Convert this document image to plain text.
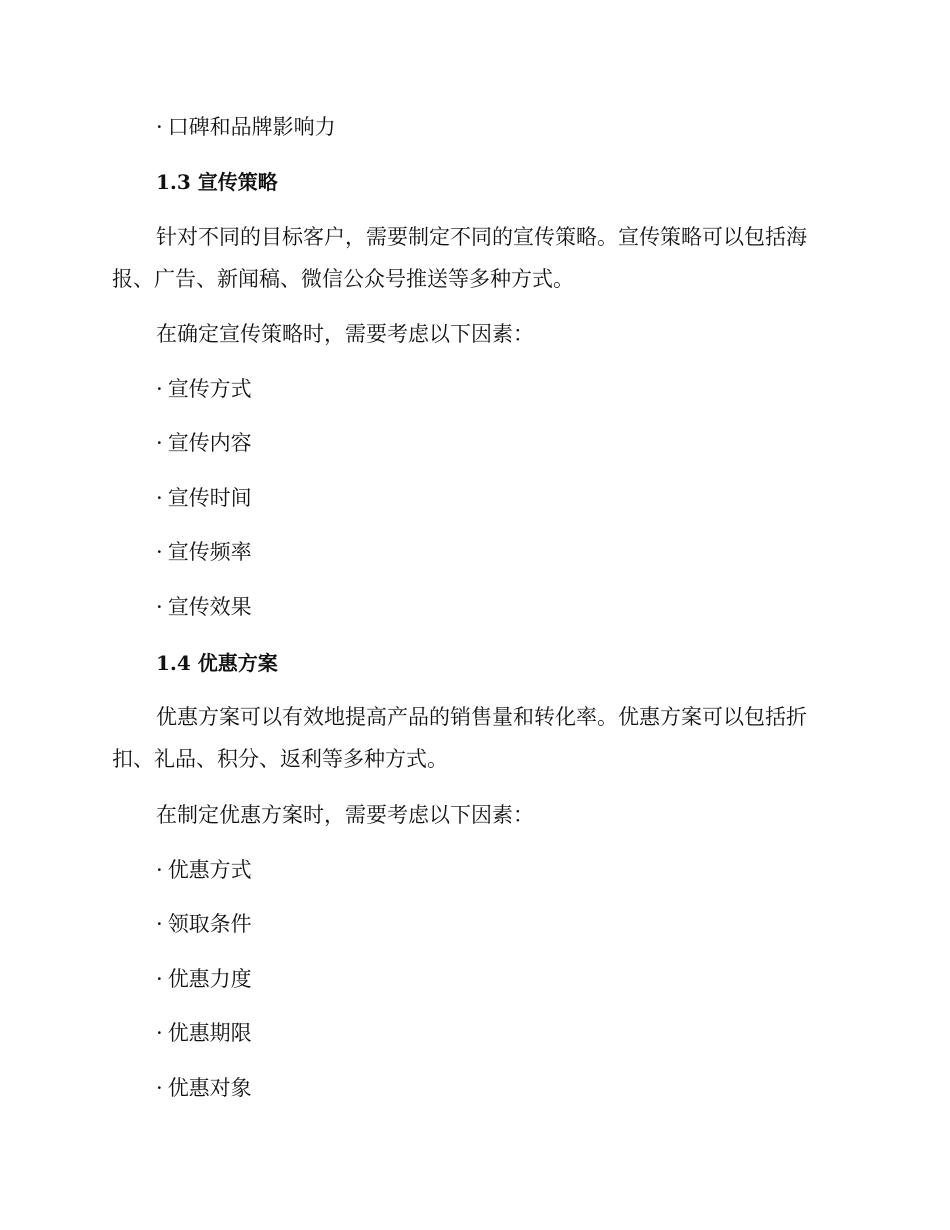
· 口碑和品牌影响力
1.3 宣传策略
针对不同的目标客户，需要制定不同的宣传策略。宣传策略可以包括海报、广告、新闻稿、微信公众号推送等多种方式。
在确定宣传策略时，需要考虑以下因素：
· 宣传方式
· 宣传内容
· 宣传时间
· 宣传频率
· 宣传效果
1.4 优惠方案
优惠方案可以有效地提高产品的销售量和转化率。优惠方案可以包括折扣、礼品、积分、返利等多种方式。
在制定优惠方案时，需要考虑以下因素：
· 优惠方式
· 领取条件
· 优惠力度
· 优惠期限
· 优惠对象
